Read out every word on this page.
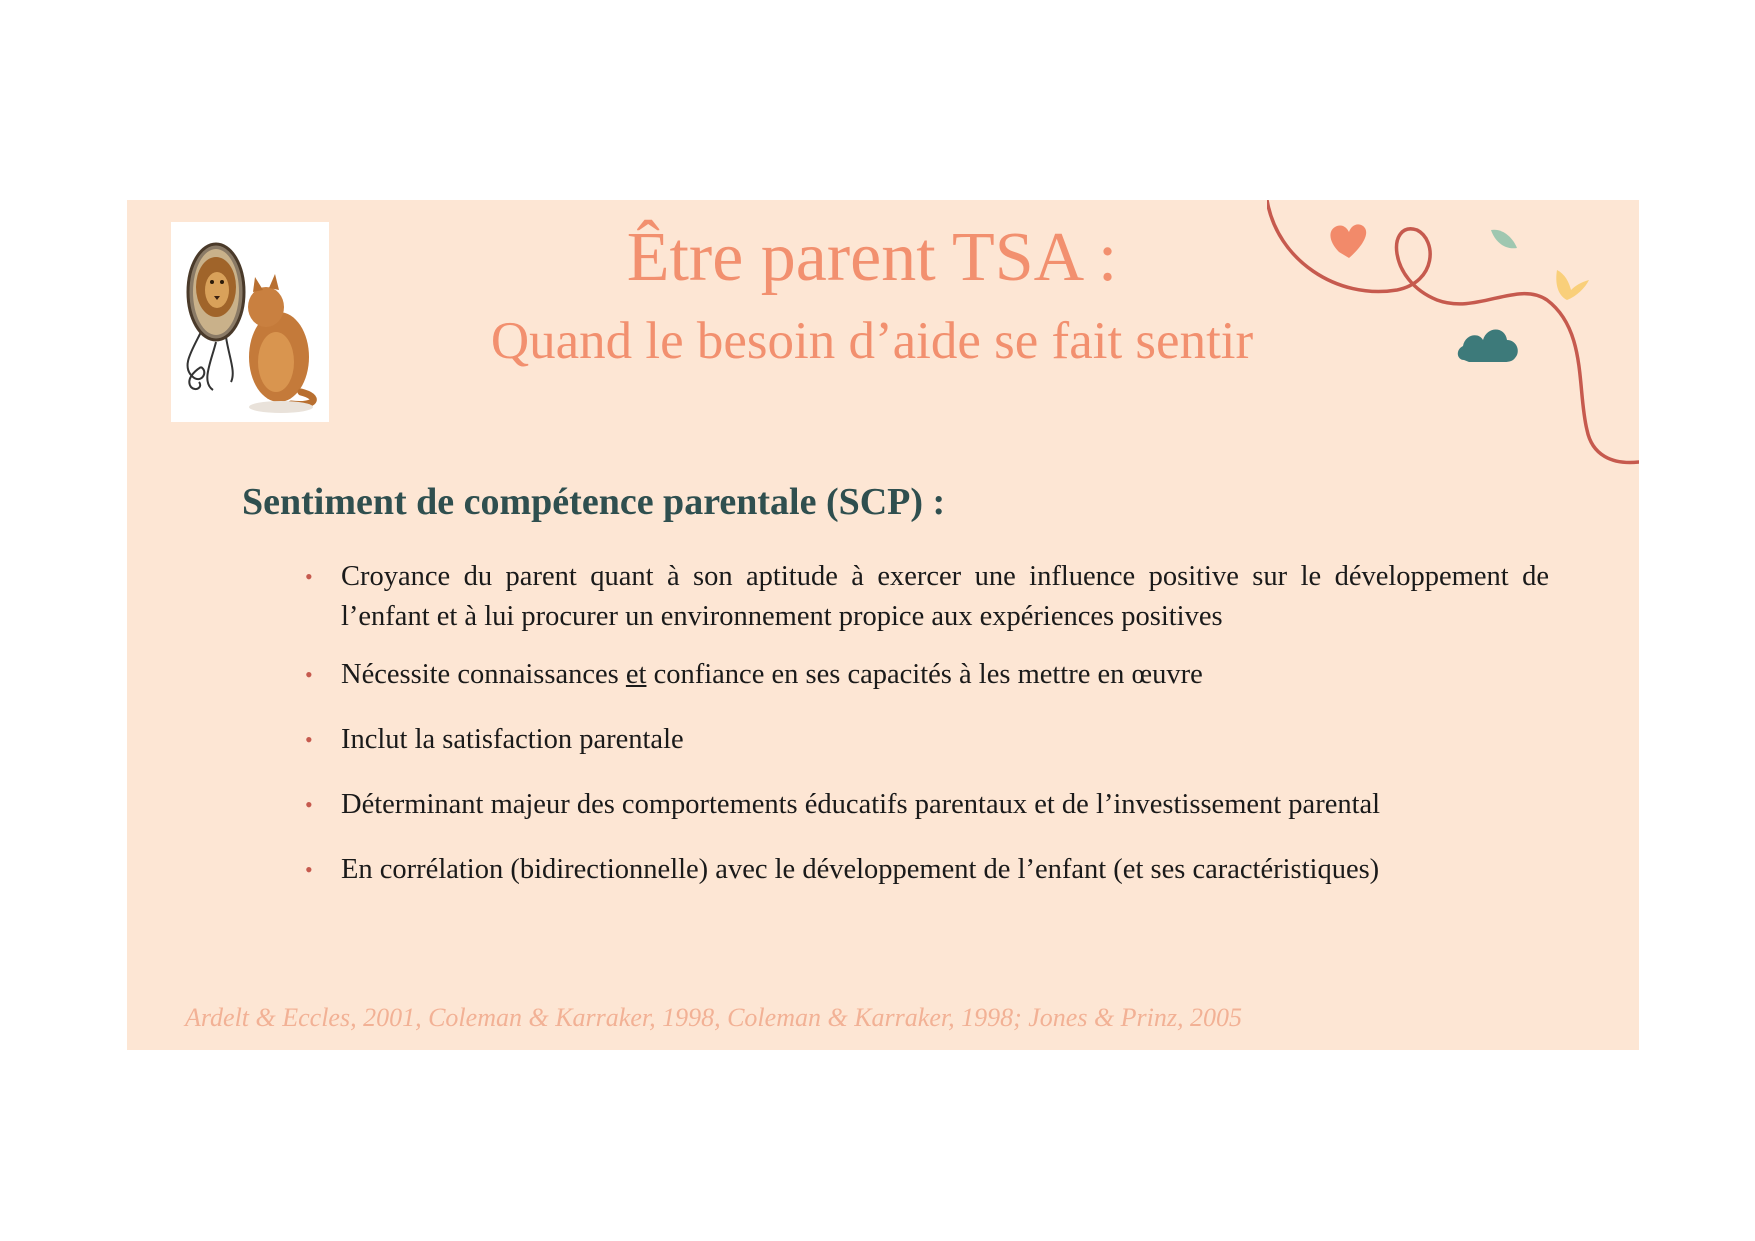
Être parent TSA :
Quand le besoin d’aide se fait sentir
Sentiment de compétence parentale (SCP) :
• Croyance du parent quant à son aptitude à exercer une influence positive sur le développement de l’enfant et à lui procurer un environnement propice aux expériences positives
• Nécessite connaissances et confiance en ses capacités à les mettre en œuvre
• Inclut la satisfaction parentale
• Déterminant majeur des comportements éducatifs parentaux et de l’investissement parental
• En corrélation (bidirectionnelle) avec le développement de l’enfant (et ses caractéristiques)
Ardelt & Eccles, 2001, Coleman & Karraker, 1998, Coleman & Karraker, 1998; Jones & Prinz, 2005
